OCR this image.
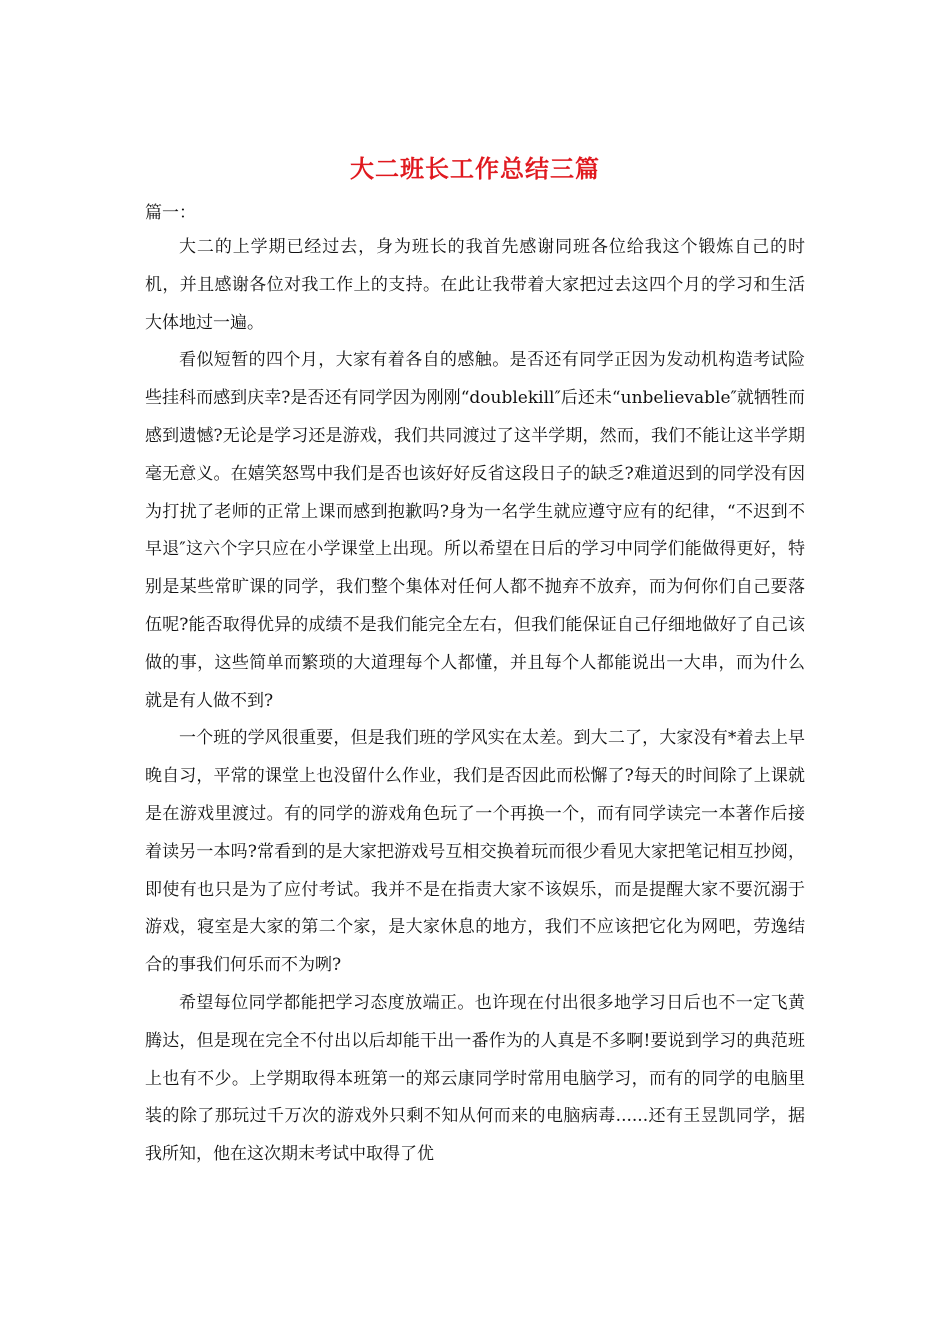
大二班长工作总结三篇
篇一：

大二的上学期已经过去，身为班长的我首先感谢同班各位给我这个锻炼自己的时机，并且感谢各位对我工作上的支持。在此让我带着大家把过去这四个月的学习和生活大体地过一遍。

看似短暂的四个月，大家有着各自的感触。是否还有同学正因为发动机构造考试险些挂科而感到庆幸?是否还有同学因为刚刚“doublekill″后还未“unbelievable″就牺牲而感到遗憾?无论是学习还是游戏，我们共同渡过了这半学期，然而，我们不能让这半学期毫无意义。在嬉笑怒骂中我们是否也该好好反省这段日子的缺乏?难道迟到的同学没有因为打扰了老师的正常上课而感到抱歉吗?身为一名学生就应遵守应有的纪律，“不迟到不早退″这六个字只应在小学课堂上出现。所以希望在日后的学习中同学们能做得更好，特别是某些常旷课的同学，我们整个集体对任何人都不抛弃不放弃，而为何你们自己要落伍呢?能否取得优异的成绩不是我们能完全左右，但我们能保证自己仔细地做好了自己该做的事，这些简单而繁琐的大道理每个人都懂，并且每个人都能说出一大串，而为什么就是有人做不到?

一个班的学风很重要，但是我们班的学风实在太差。到大二了，大家没有*着去上早晚自习，平常的课堂上也没留什么作业，我们是否因此而松懈了?每天的时间除了上课就是在游戏里渡过。有的同学的游戏角色玩了一个再换一个，而有同学读完一本著作后接着读另一本吗?常看到的是大家把游戏号互相交换着玩而很少看见大家把笔记相互抄阅，即使有也只是为了应付考试。我并不是在指责大家不该娱乐，而是提醒大家不要沉溺于游戏，寝室是大家的第二个家，是大家休息的地方，我们不应该把它化为网吧，劳逸结合的事我们何乐而不为咧?

希望每位同学都能把学习态度放端正。也许现在付出很多地学习日后也不一定飞黄腾达，但是现在完全不付出以后却能干出一番作为的人真是不多啊!要说到学习的典范班上也有不少。上学期取得本班第一的郑云康同学时常用电脑学习，而有的同学的电脑里装的除了那玩过千万次的游戏外只剩不知从何而来的电脑病毒......还有王昱凯同学，据我所知，他在这次期末考试中取得了优
